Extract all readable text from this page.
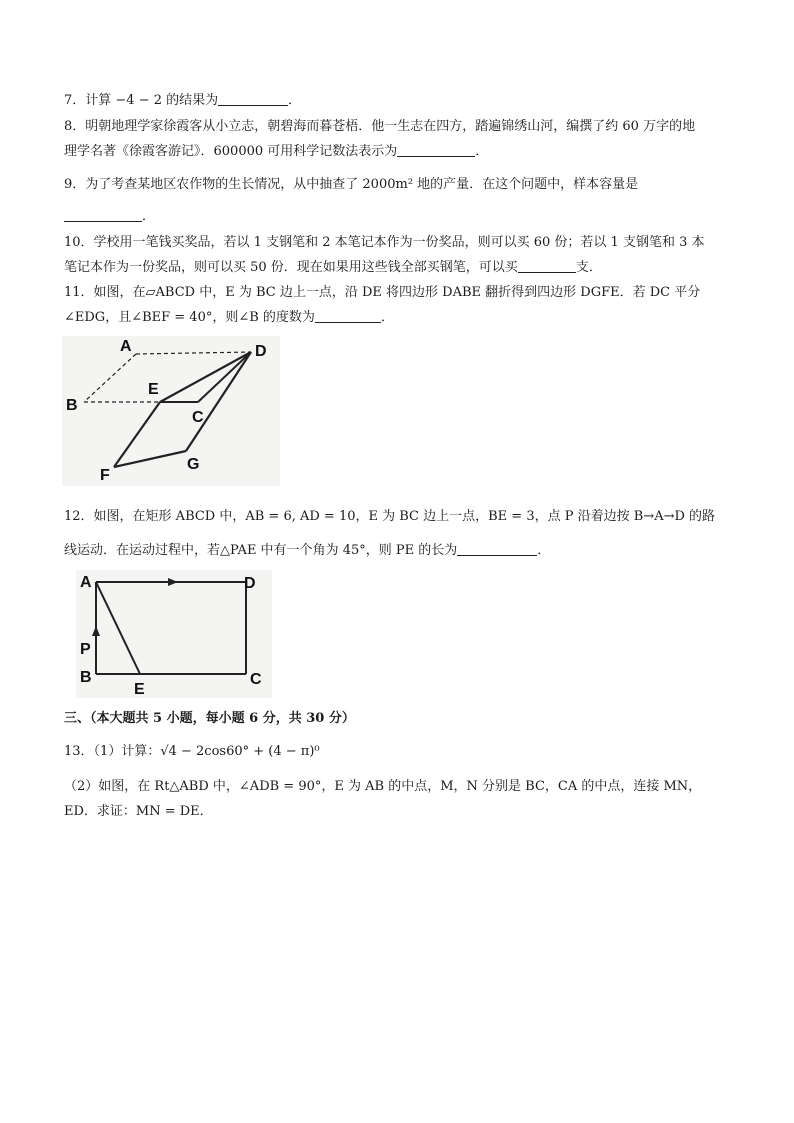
7．计算 −4 − 2 的结果为	．
8．明朝地理学家徐霞客从小立志，朝碧海而暮苍梧．他一生志在四方，踏遍锦绣山河，编撰了约 60 万字的地
理学名著《徐霞客游记》．600000 可用科学记数法表示为	．
9．为了考查某地区农作物的生长情况，从中抽查了 2000m² 地的产量．在这个问题中，样本容量是
．
10．学校用一笔钱买奖品，若以 1 支钢笔和 2 本笔记本作为一份奖品，则可以买 60 份；若以 1 支钢笔和 3 本
笔记本作为一份奖品，则可以买 50 份．现在如果用这些钱全部买钢笔，可以买	支．
11．如图，在▱ABCD 中，E 为 BC 边上一点，沿 DE 将四边形 DABE 翻折得到四边形 DGFE．若 DC 平分
∠EDG，且∠BEF = 40°，则∠B 的度数为	．
A
B
C
D
E
F
G
12．如图，在矩形 ABCD 中，AB = 6, AD = 10，E 为 BC 边上一点，BE = 3，点 P 沿着边按 B→A→D 的路
线运动．在运动过程中，若△PAE 中有一个角为 45°，则 PE 的长为	．
A	D
P
B	C
E
三、（本大题共 5 小题，每小题 6 分，共 30 分）
13．（1）计算：√4 − 2cos60° + (4 − π)⁰
（2）如图，在 Rt△ABD 中，∠ADB = 90°，E 为 AB 的中点，M，N 分别是 BC，CA 的中点，连接 MN，
ED．求证：MN = DE．
